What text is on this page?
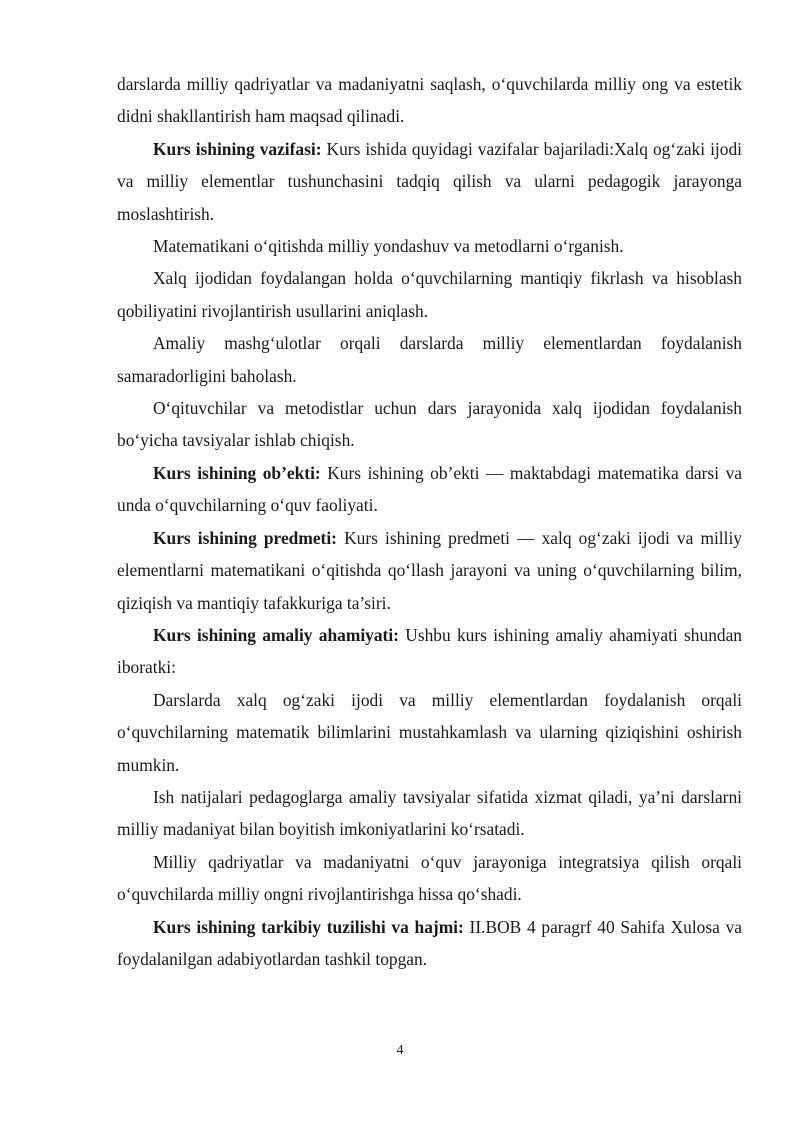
darslarda milliy qadriyatlar va madaniyatni saqlash, o‘quvchilarda milliy ong va estetik didni shakllantirish ham maqsad qilinadi.

Kurs ishining vazifasi: Kurs ishida quyidagi vazifalar bajariladi:Xalq og‘zaki ijodi va milliy elementlar tushunchasini tadqiq qilish va ularni pedagogik jarayonga moslashtirish.

Matematikani o‘qitishda milliy yondashuv va metodlarni o‘rganish.

Xalq ijodidan foydalangan holda o‘quvchilarning mantiqiy fikrlash va hisoblash qobiliyatini rivojlantirish usullarini aniqlash.

Amaliy mashg‘ulotlar orqali darslarda milliy elementlardan foydalanish samaradorligini baholash.

O‘qituvchilar va metodistlar uchun dars jarayonida xalq ijodidan foydalanish bo‘yicha tavsiyalar ishlab chiqish.

Kurs ishining ob’ekti: Kurs ishining ob’ekti — maktabdagi matematika darsi va unda o‘quvchilarning o‘quv faoliyati.

Kurs ishining predmeti: Kurs ishining predmeti — xalq og‘zaki ijodi va milliy elementlarni matematikani o‘qitishda qo‘llash jarayoni va uning o‘quvchilarning bilim, qiziqish va mantiqiy tafakkuriga ta’siri.

Kurs ishining amaliy ahamiyati: Ushbu kurs ishining amaliy ahamiyati shundan iboratki:

Darslarda xalq og‘zaki ijodi va milliy elementlardan foydalanish orqali o‘quvchilarning matematik bilimlarini mustahkamlash va ularning qiziqishini oshirish mumkin.

Ish natijalari pedagoglarga amaliy tavsiyalar sifatida xizmat qiladi, ya’ni darslarni milliy madaniyat bilan boyitish imkoniyatlarini ko‘rsatadi.

Milliy qadriyatlar va madaniyatni o‘quv jarayoniga integratsiya qilish orqali o‘quvchilarda milliy ongni rivojlantirishga hissa qo‘shadi.

Kurs ishining tarkibiy tuzilishi va hajmi: II.BOB 4 paragrf 40 Sahifa Xulosa va foydalanilgan adabiyotlardan tashkil topgan.

4
